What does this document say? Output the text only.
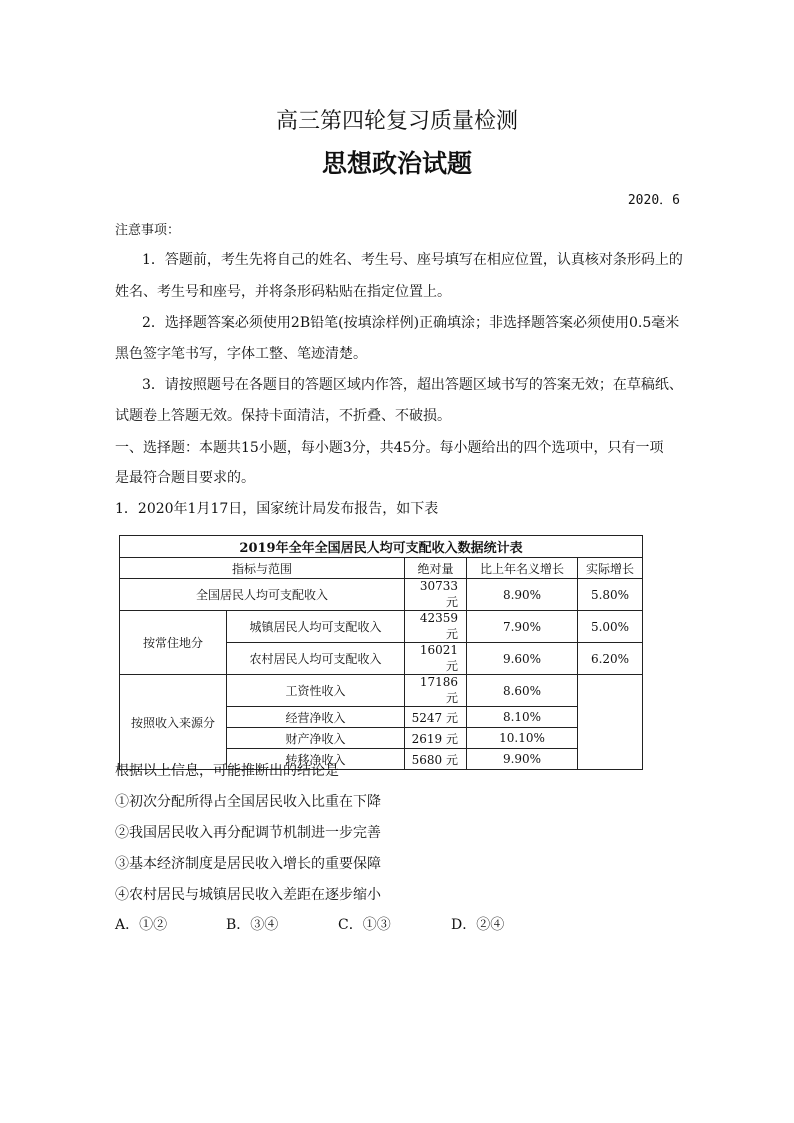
高三第四轮复习质量检测
思想政治试题
2020．6
注意事项：
1．答题前，考生先将自己的姓名、考生号、座号填写在相应位置，认真核对条形码上的
姓名、考生号和座号，并将条形码粘贴在指定位置上。
2．选择题答案必须使用2B铅笔(按填涂样例)正确填涂；非选择题答案必须使用0.5毫米
黑色签字笔书写，字体工整、笔迹清楚。
3．请按照题号在各题目的答题区域内作答，超出答题区域书写的答案无效；在草稿纸、
试题卷上答题无效。保持卡面清洁，不折叠、不破损。
一、选择题：本题共15小题，每小题3分，共45分。每小题给出的四个选项中，只有一项
是最符合题目要求的。
1．2020年1月17日，国家统计局发布报告，如下表
2019年全年全国居民人均可支配收入数据统计表				
指标与范围		绝对量	比上年名义增长	实际增长
全国居民人均可支配收入		30733 元	8.90%	5.80%
按常住地分	城镇居民人均可支配收入	42359 元	7.90%	5.00%
	农村居民人均可支配收入	16021 元	9.60%	6.20%
按照收入来源分	工资性收入	17186 元	8.60%	
	经营净收入	5247 元	8.10%	
	财产净收入	2619 元	10.10%	
	转移净收入	5680 元	9.90%	
根据以上信息，可能推断出的结论是
①初次分配所得占全国居民收入比重在下降
②我国居民收入再分配调节机制进一步完善
③基本经济制度是居民收入增长的重要保障
④农村居民与城镇居民收入差距在逐步缩小
A．①②	B．③④	C．①③	D．②④
